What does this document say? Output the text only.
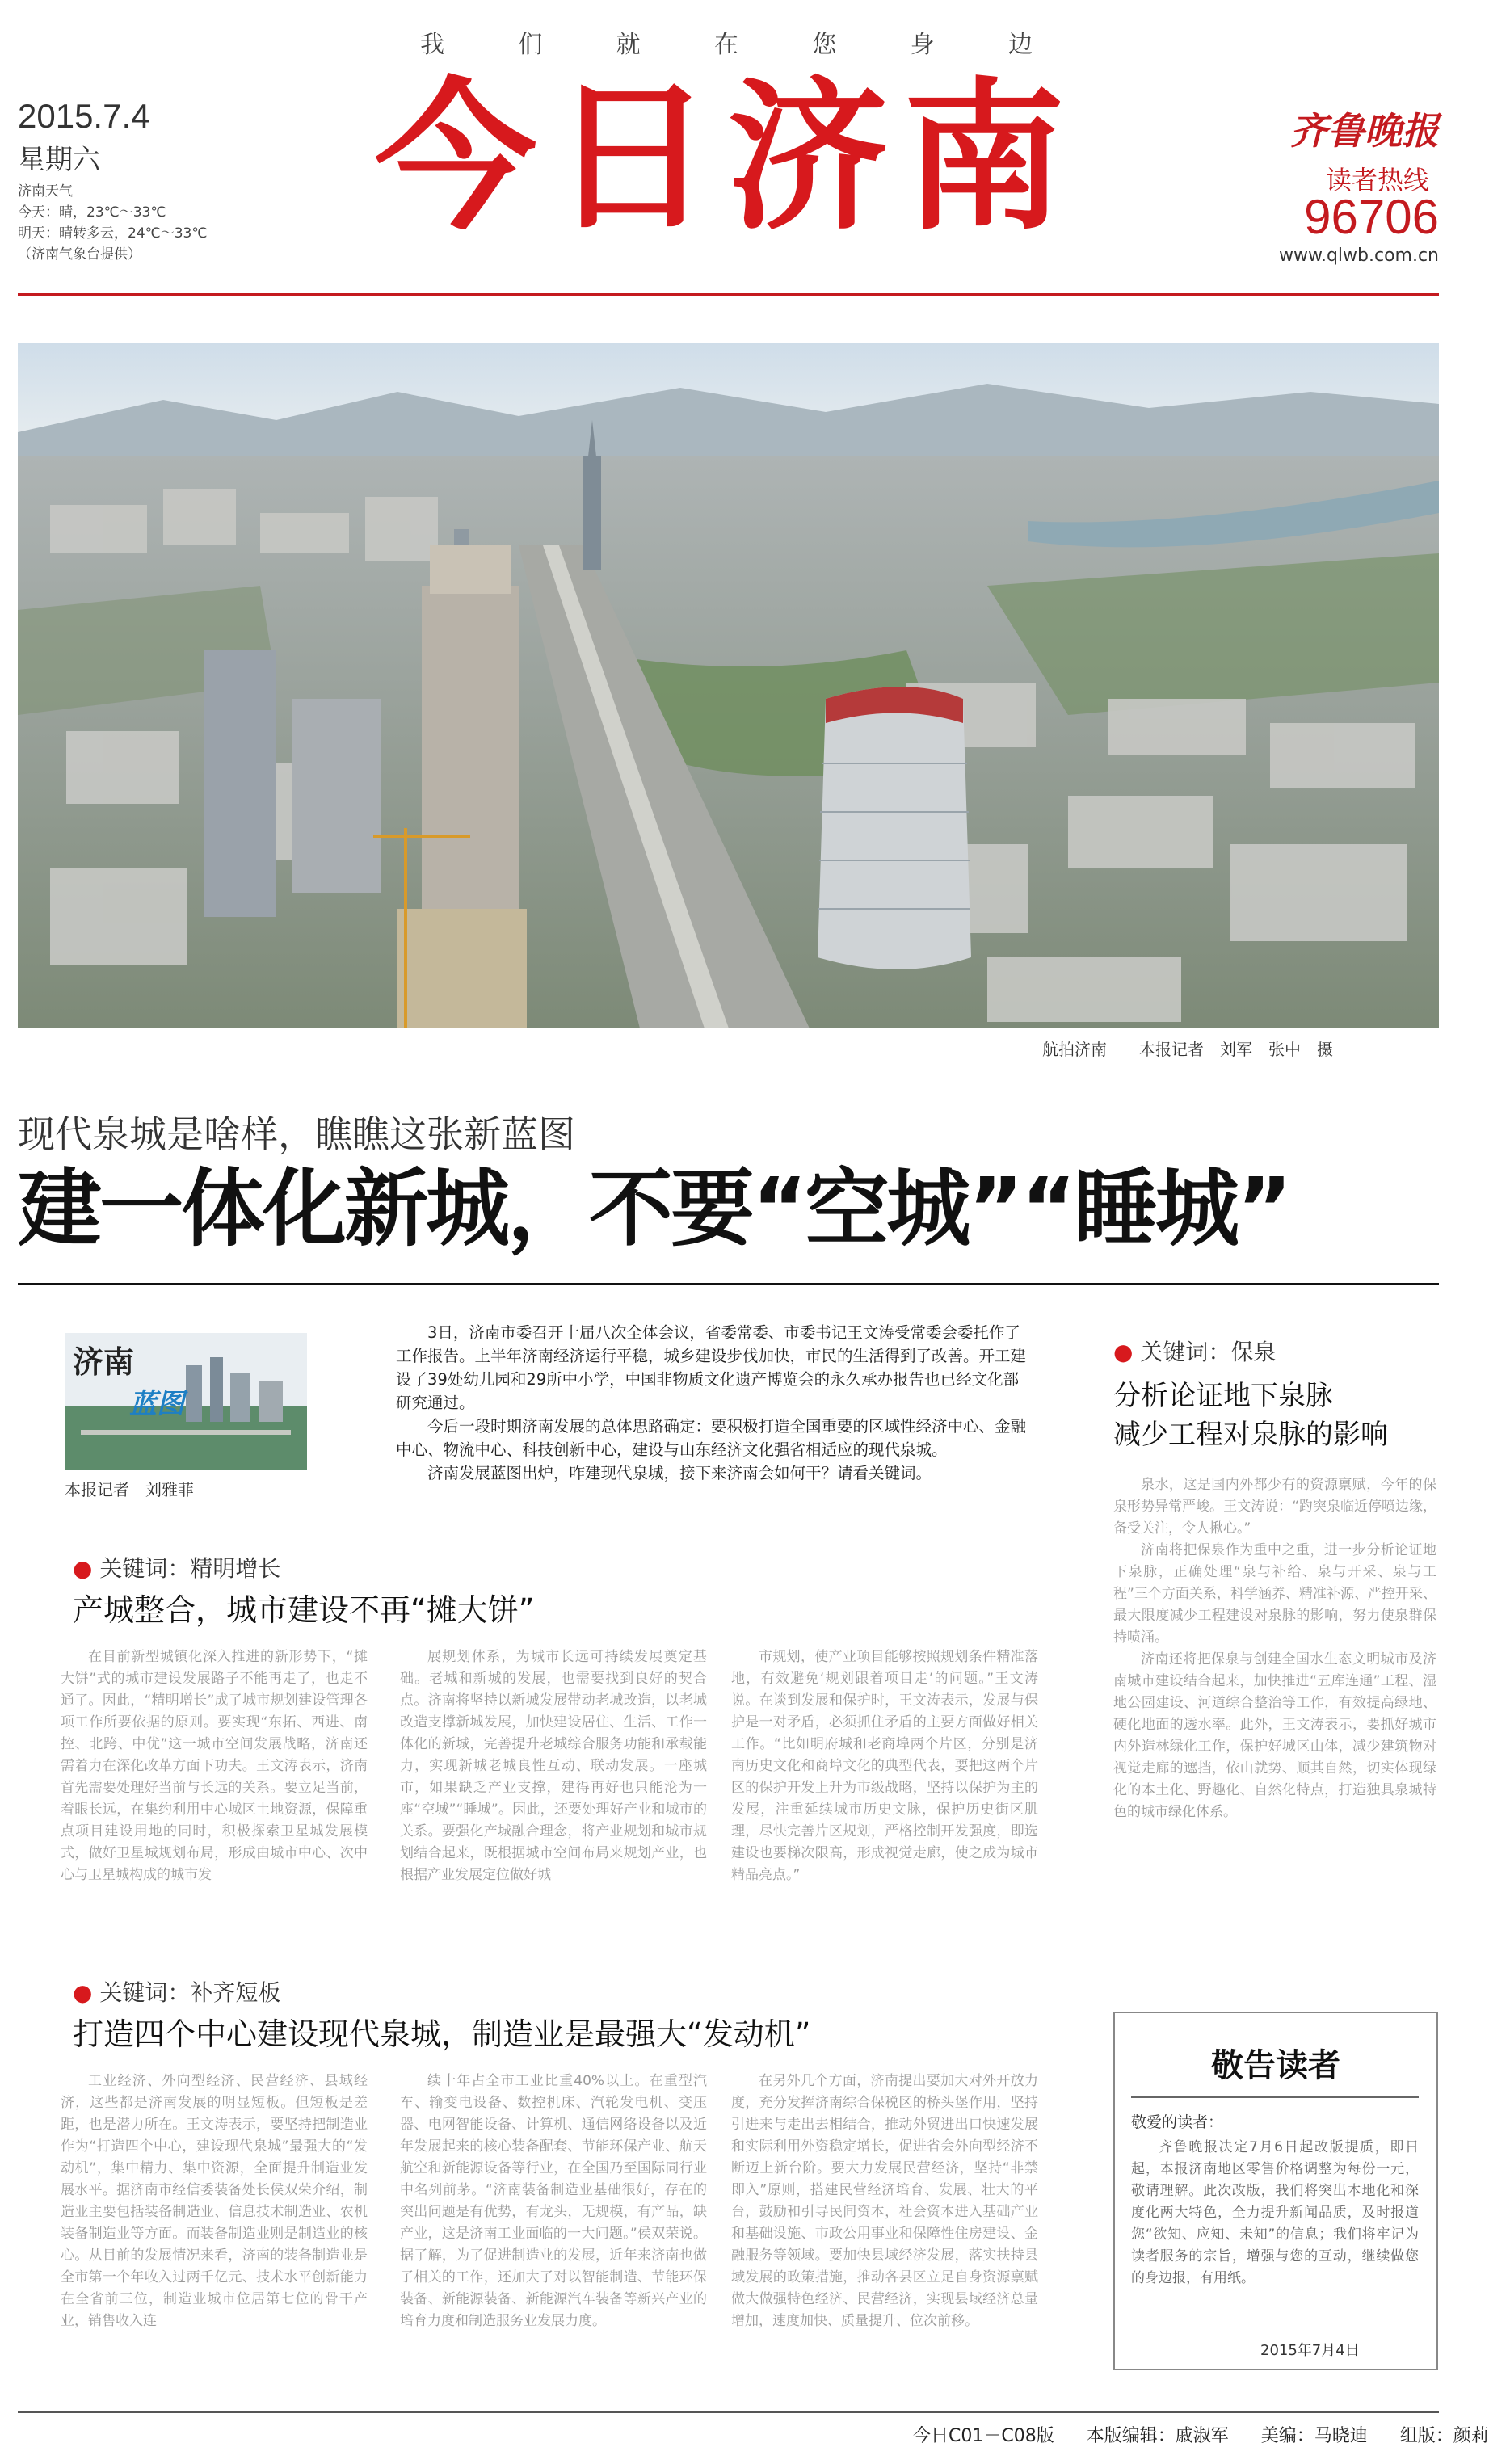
我	们	就	在	您	身	边
2015.7.4
星期六
济南天气
今天：晴，23℃～33℃
明天：晴转多云，24℃～33℃
（济南气象台提供）
今日济南	齐鲁晚报
读者热线
96706
www.qlwb.com.cn
航拍济南　　本报记者　刘军　张中　摄
现代泉城是啥样，瞧瞧这张新蓝图
建一体化新城，不要“空城”“睡城”
济南
蓝图
本报记者　刘雅菲

3日，济南市委召开十届八次全体会议，省委常委、市委书记王文涛受常委会委托作了工作报告。上半年济南经济运行平稳，城乡建设步伐加快，市民的生活得到了改善。开工建设了39处幼儿园和29所中小学，中国非物质文化遗产博览会的永久承办报告也已经文化部研究通过。

今后一段时期济南发展的总体思路确定：要积极打造全国重要的区域性经济中心、金融中心、物流中心、科技创新中心，建设与山东经济文化强省相适应的现代泉城。

济南发展蓝图出炉，咋建现代泉城，接下来济南会如何干？请看关键词。

● 关键词：精明增长
产城整合，城市建设不再“摊大饼”

在目前新型城镇化深入推进的新形势下，“摊大饼”式的城市建设发展路子不能再走了，也走不通了。因此，“精明增长”成了城市规划建设管理各项工作所要依据的原则。要实现“东拓、西进、南控、北跨、中优”这一城市空间发展战略，济南还需着力在深化改革方面下功夫。王文涛表示，济南首先需要处理好当前与长远的关系。要立足当前，着眼长远，在集约利用中心城区土地资源，保障重点项目建设用地的同时，积极探索卫星城发展模式，做好卫星城规划布局，形成由城市中心、次中心与卫星城构成的城市发

展规划体系，为城市长远可持续发展奠定基础。老城和新城的发展，也需要找到良好的契合点。济南将坚持以新城发展带动老城改造，以老城改造支撑新城发展，加快建设居住、生活、工作一体化的新城，完善提升老城综合服务功能和承载能力，实现新城老城良性互动、联动发展。一座城市，如果缺乏产业支撑，建得再好也只能沦为一座“空城”“睡城”。因此，还要处理好产业和城市的关系。要强化产城融合理念，将产业规划和城市规划结合起来，既根据城市空间布局来规划产业，也根据产业发展定位做好城

市规划，使产业项目能够按照规划条件精准落地，有效避免‘规划跟着项目走’的问题。”王文涛说。在谈到发展和保护时，王文涛表示，发展与保护是一对矛盾，必须抓住矛盾的主要方面做好相关工作。“比如明府城和老商埠两个片区，分别是济南历史文化和商埠文化的典型代表，要把这两个片区的保护开发上升为市级战略，坚持以保护为主的发展，注重延续城市历史文脉，保护历史街区肌理，尽快完善片区规划，严格控制开发强度，即选建设也要梯次限高，形成视觉走廊，使之成为城市精品亮点。”

● 关键词：补齐短板
打造四个中心建设现代泉城，制造业是最强大“发动机”

工业经济、外向型经济、民营经济、县域经济，这些都是济南发展的明显短板。但短板是差距，也是潜力所在。王文涛表示，要坚持把制造业作为“打造四个中心，建设现代泉城”最强大的“发动机”，集中精力、集中资源，全面提升制造业发展水平。据济南市经信委装备处长侯双荣介绍，制造业主要包括装备制造业、信息技术制造业、农机装备制造业等方面。而装备制造业则是制造业的核心。从目前的发展情况来看，济南的装备制造业是全市第一个年收入过两千亿元、技术水平创新能力在全省前三位，制造业城市位居第七位的骨干产业，销售收入连

续十年占全市工业比重40%以上。在重型汽车、输变电设备、数控机床、汽轮发电机、变压器、电网智能设备、计算机、通信网络设备以及近年发展起来的核心装备配套、节能环保产业、航天航空和新能源设备等行业，在全国乃至国际同行业中名列前茅。“济南装备制造业基础很好，存在的突出问题是有优势，有龙头，无规模，有产品，缺产业，这是济南工业面临的一大问题。”侯双荣说。据了解，为了促进制造业的发展，近年来济南也做了相关的工作，还加大了对以智能制造、节能环保装备、新能源装备、新能源汽车装备等新兴产业的培育力度和制造服务业发展力度。

在另外几个方面，济南提出要加大对外开放力度，充分发挥济南综合保税区的桥头堡作用，坚持引进来与走出去相结合，推动外贸进出口快速发展和实际利用外资稳定增长，促进省会外向型经济不断迈上新台阶。要大力发展民营经济，坚持“非禁即入”原则，搭建民营经济培育、发展、壮大的平台，鼓励和引导民间资本，社会资本进入基础产业和基础设施、市政公用事业和保障性住房建设、金融服务等领域。要加快县域经济发展，落实扶持县域发展的政策措施，推动各县区立足自身资源禀赋做大做强特色经济、民营经济，实现县域经济总量增加，速度加快、质量提升、位次前移。

● 关键词：保泉
分析论证地下泉脉
减少工程对泉脉的影响

泉水，这是国内外都少有的资源禀赋，今年的保泉形势异常严峻。王文涛说：“趵突泉临近停喷边缘，备受关注，令人揪心。”

济南将把保泉作为重中之重，进一步分析论证地下泉脉，正确处理“泉与补给、泉与开采、泉与工程”三个方面关系，科学涵养、精准补源、严控开采、最大限度减少工程建设对泉脉的影响，努力使泉群保持喷涌。

济南还将把保泉与创建全国水生态文明城市及济南城市建设结合起来，加快推进“五库连通”工程、湿地公园建设、河道综合整治等工作，有效提高绿地、硬化地面的透水率。此外，王文涛表示，要抓好城市内外造林绿化工作，保护好城区山体，减少建筑物对视觉走廊的遮挡，依山就势、顺其自然，切实体现绿化的本土化、野趣化、自然化特点，打造独具泉城特色的城市绿化体系。

敬告读者
敬爱的读者：
齐鲁晚报决定7月6日起改版提质，即日起，本报济南地区零售价格调整为每份一元，敬请理解。此次改版，我们将突出本地化和深度化两大特色，全力提升新闻品质，及时报道您“欲知、应知、未知”的信息；我们将牢记为读者服务的宗旨，增强与您的互动，继续做您的身边报，有用纸。
2015年7月4日
今日C01－C08版 本版编辑：戚淑军 美编：马晓迪 组版：颜莉
